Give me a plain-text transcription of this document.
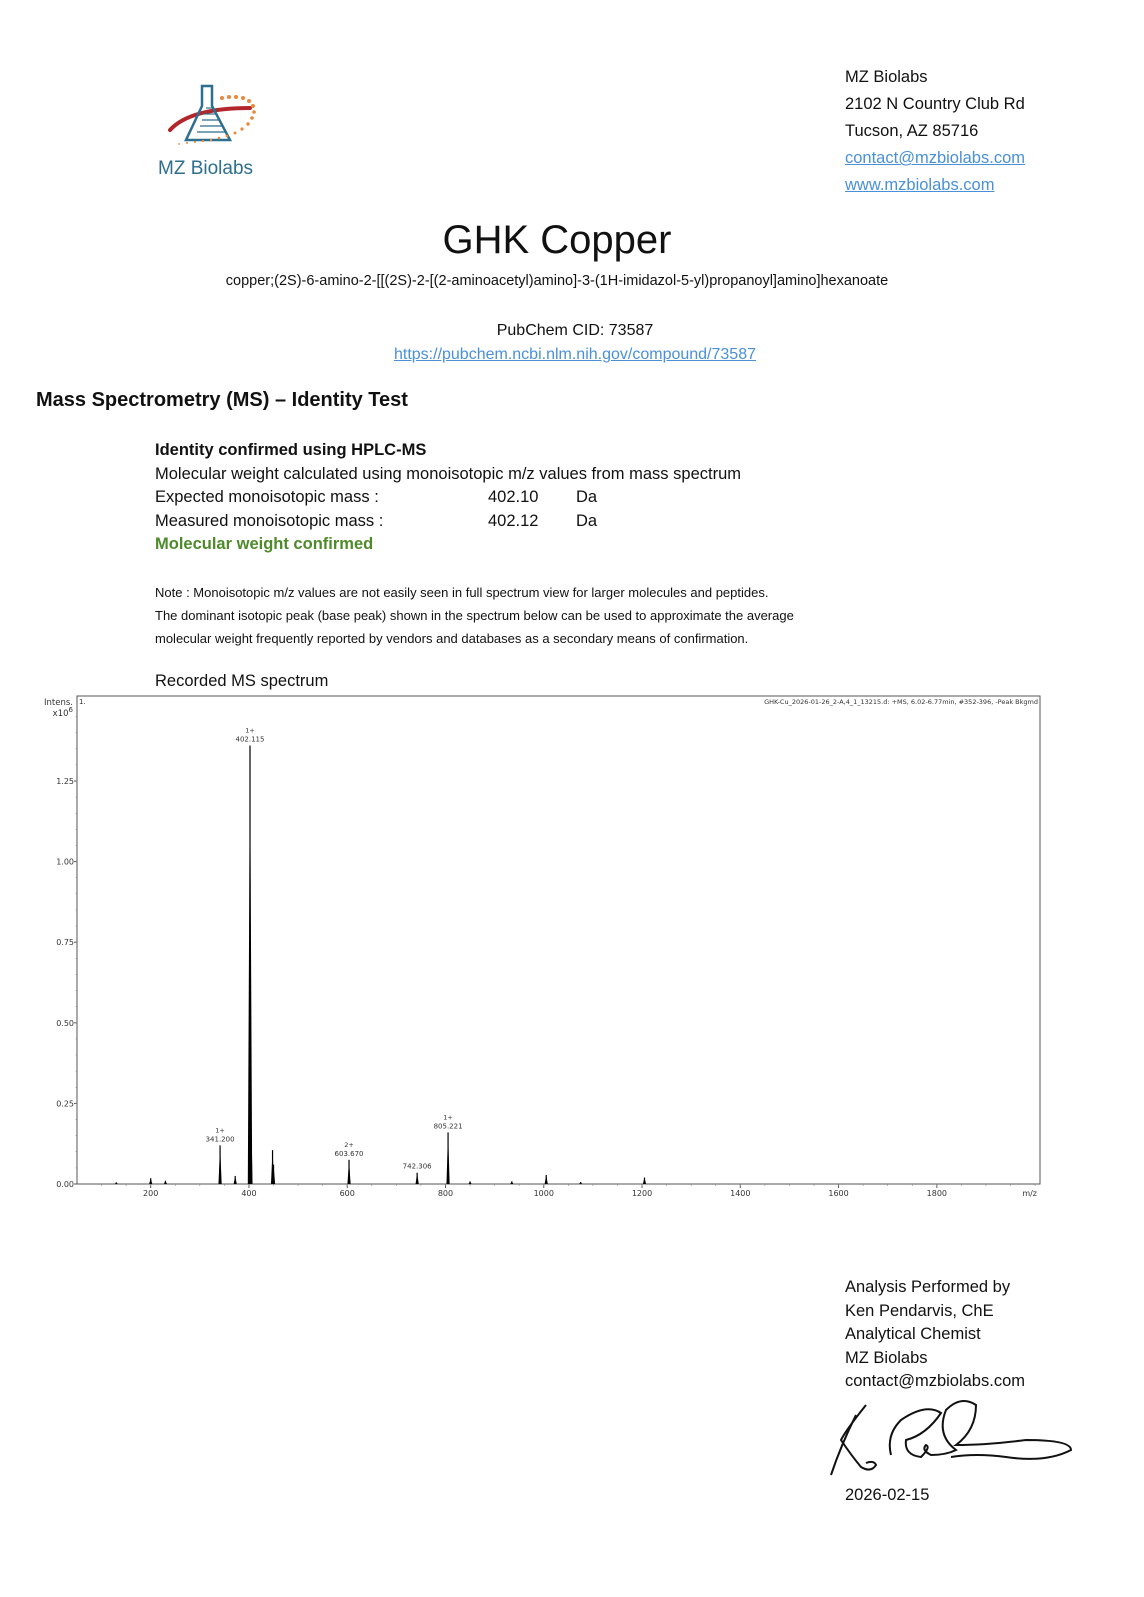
MZ Biolabs
MZ Biolabs
2102 N Country Club Rd
Tucson, AZ 85716
contact@mzbiolabs.com
www.mzbiolabs.com
GHK Copper
copper;(2S)-6-amino-2-[[(2S)-2-[(2-aminoacetyl)amino]-3-(1H-imidazol-5-yl)propanoyl]amino]hexanoate
PubChem CID: 73587
https://pubchem.ncbi.nlm.nih.gov/compound/73587
Mass Spectrometry (MS) – Identity Test
Identity confirmed using HPLC-MS
Molecular weight calculated using monoisotopic m/z values from mass spectrum
Expected monoisotopic mass :	402.10	Da
Measured monoisotopic mass :	402.12	Da
Molecular weight confirmed
Note : Monoisotopic m/z values are not easily seen in full spectrum view for larger molecules and peptides.
The dominant isotopic peak (base peak) shown in the spectrum below can be used to approximate the average
molecular weight frequently reported by vendors and databases as a secondary means of confirmation.
Recorded MS spectrum
Intens.
$x10^6$
1.	GHK-Cu_2026-01-26_2-A,4_1_13215.d: +MS, 6.02-6.77min, #352-396, -Peak Bkgmd
m/z
200	400	600	800	1000	1200	1400	1600	1800
0.00
0.25
0.50
0.75
1.00
1.25
341.200
1+
402.115
1+
603.670
2+
742.306
805.221
1+
Analysis Performed by
Ken Pendarvis, ChE
Analytical Chemist
MZ Biolabs
contact@mzbiolabs.com
2026-02-15
